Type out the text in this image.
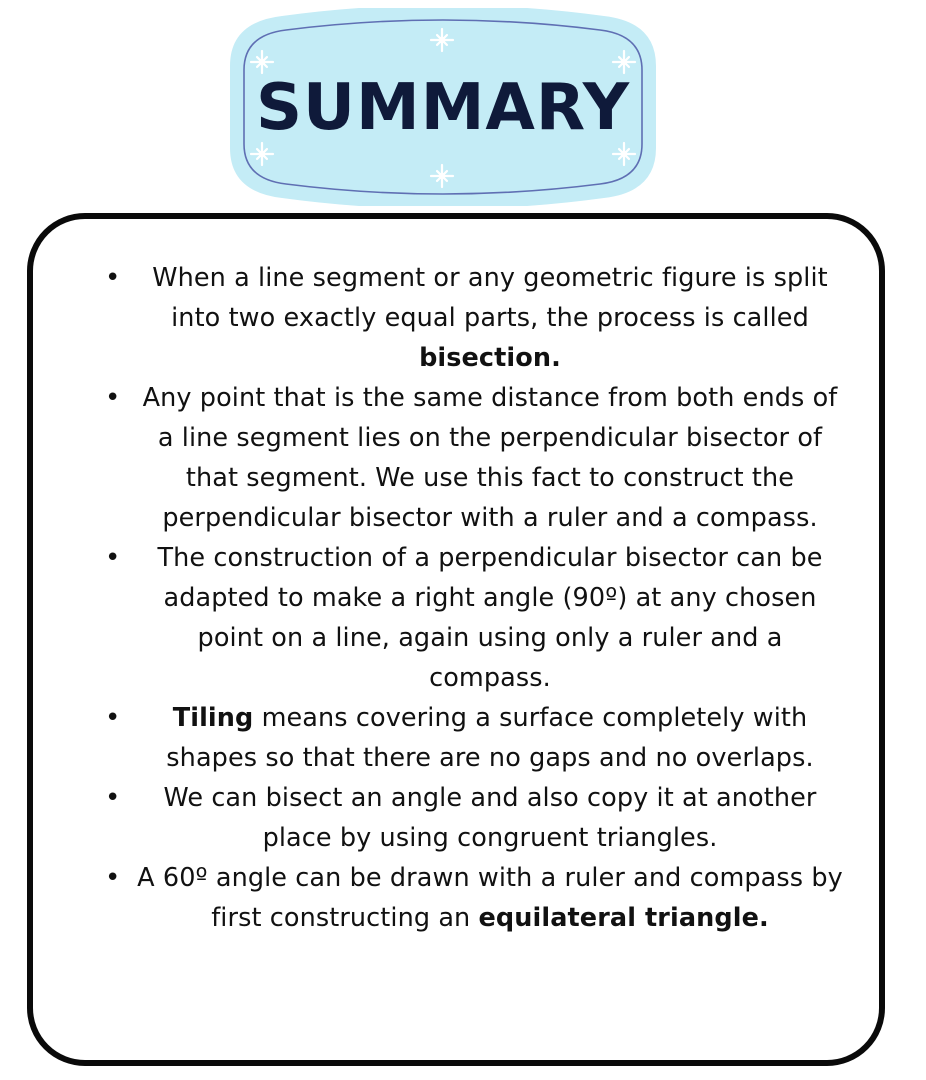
SUMMARY
• When a line segment or any geometric figure is split into two exactly equal parts, the process is called bisection.
• Any point that is the same distance from both ends of a line segment lies on the perpendicular bisector of that segment. We use this fact to construct the perpendicular bisector with a ruler and a compass.
• The construction of a perpendicular bisector can be adapted to make a right angle (90º) at any chosen point on a line, again using only a ruler and a compass.
• Tiling means covering a surface completely with shapes so that there are no gaps and no overlaps.
• We can bisect an angle and also copy it at another place by using congruent triangles.
• A 60º angle can be drawn with a ruler and compass by first constructing an equilateral triangle.
